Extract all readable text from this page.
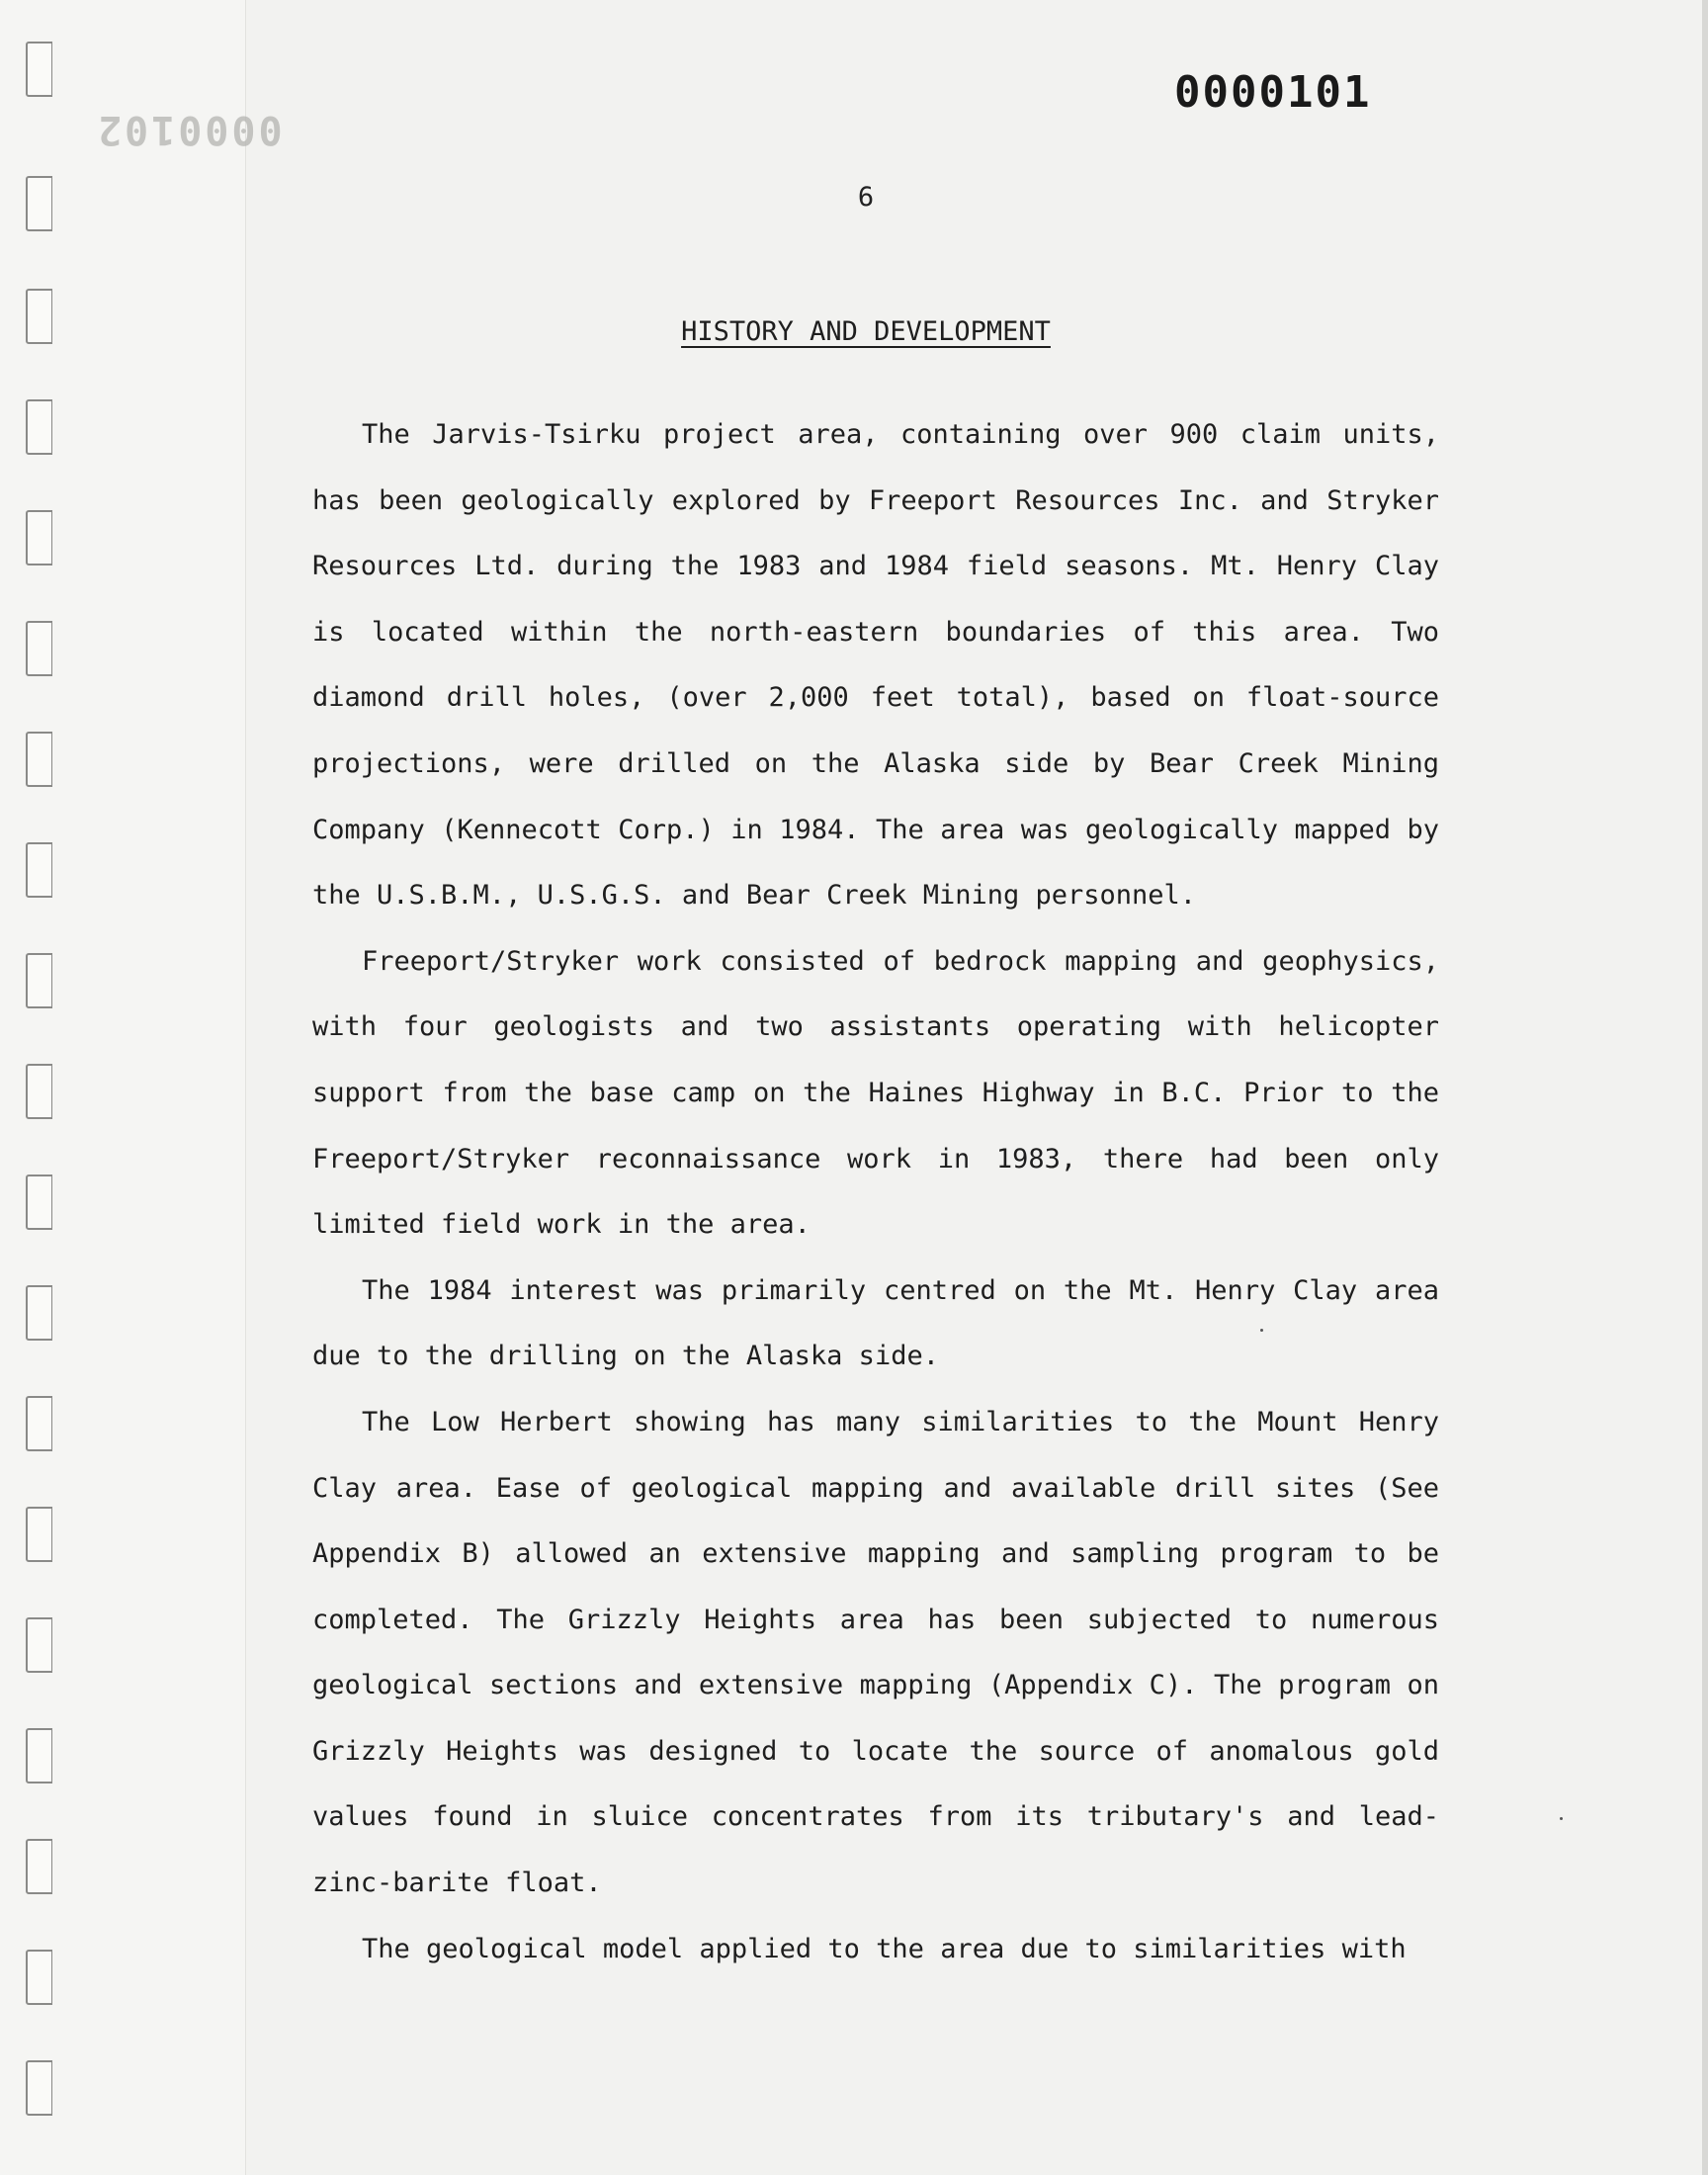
0000102
0000101
6
HISTORY AND DEVELOPMENT

The Jarvis-Tsirku project area, containing over 900 claim units, has been geologically explored by Freeport Resources Inc. and Stryker Resources Ltd. during the 1983 and 1984 field seasons. Mt. Henry Clay is located within the north-eastern boundaries of this area. Two diamond drill holes, (over 2,000 feet total), based on float-source projections, were drilled on the Alaska side by Bear Creek Mining Company (Kennecott Corp.) in 1984. The area was geologically mapped by the U.S.B.M., U.S.G.S. and Bear Creek Mining personnel.

Freeport/Stryker work consisted of bedrock mapping and geophysics, with four geologists and two assistants operating with helicopter support from the base camp on the Haines Highway in B.C. Prior to the Freeport/Stryker reconnaissance work in 1983, there had been only limited field work in the area.

The 1984 interest was primarily centred on the Mt. Henry Clay area due to the drilling on the Alaska side.

The Low Herbert showing has many similarities to the Mount Henry Clay area. Ease of geological mapping and available drill sites (See Appendix B) allowed an extensive mapping and sampling program to be completed. The Grizzly Heights area has been subjected to numerous geological sections and extensive mapping (Appendix C). The program on Grizzly Heights was designed to locate the source of anomalous gold values found in sluice concentrates from its tributary's and lead-zinc-barite float.

The geological model applied to the area due to similarities with
